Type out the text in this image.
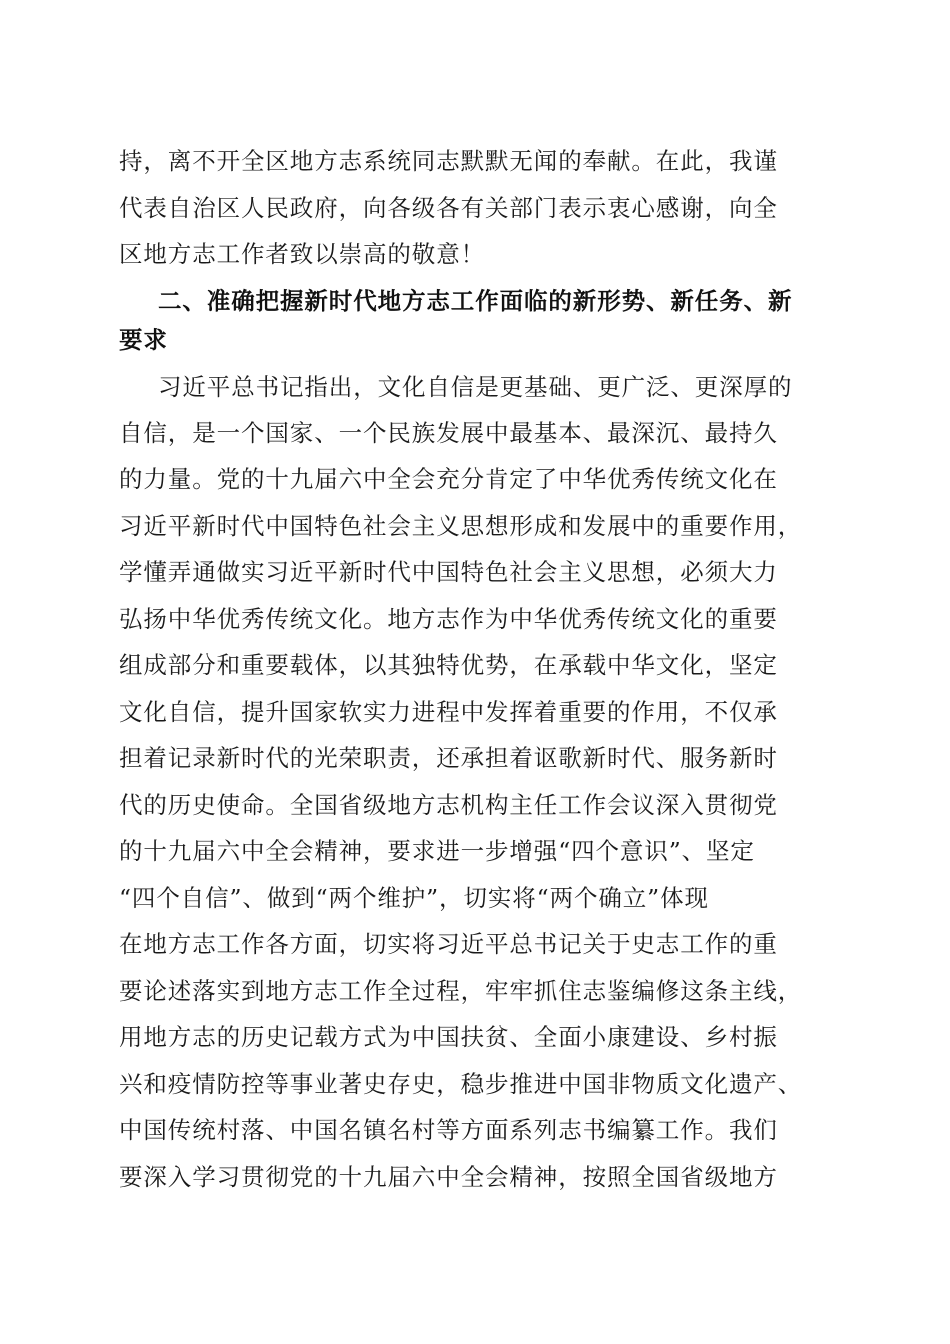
持，离不开全区地方志系统同志默默无闻的奉献。在此，我谨
代表自治区人民政府，向各级各有关部门表示衷心感谢，向全
区地方志工作者致以崇高的敬意！
二、准确把握新时代地方志工作面临的新形势、新任务、新
要求
习近平总书记指出，文化自信是更基础、更广泛、更深厚的
自信，是一个国家、一个民族发展中最基本、最深沉、最持久
的力量。党的十九届六中全会充分肯定了中华优秀传统文化在
习近平新时代中国特色社会主义思想形成和发展中的重要作用，
学懂弄通做实习近平新时代中国特色社会主义思想，必须大力
弘扬中华优秀传统文化。地方志作为中华优秀传统文化的重要
组成部分和重要载体，以其独特优势，在承载中华文化，坚定
文化自信，提升国家软实力进程中发挥着重要的作用，不仅承
担着记录新时代的光荣职责，还承担着讴歌新时代、服务新时
代的历史使命。全国省级地方志机构主任工作会议深入贯彻党
的十九届六中全会精神，要求进一步增强“四个意识”、坚定
“四个自信”、做到“两个维护”，切实将“两个确立”体现
在地方志工作各方面，切实将习近平总书记关于史志工作的重
要论述落实到地方志工作全过程，牢牢抓住志鉴编修这条主线，
用地方志的历史记载方式为中国扶贫、全面小康建设、乡村振
兴和疫情防控等事业著史存史，稳步推进中国非物质文化遗产、
中国传统村落、中国名镇名村等方面系列志书编纂工作。我们
要深入学习贯彻党的十九届六中全会精神，按照全国省级地方
